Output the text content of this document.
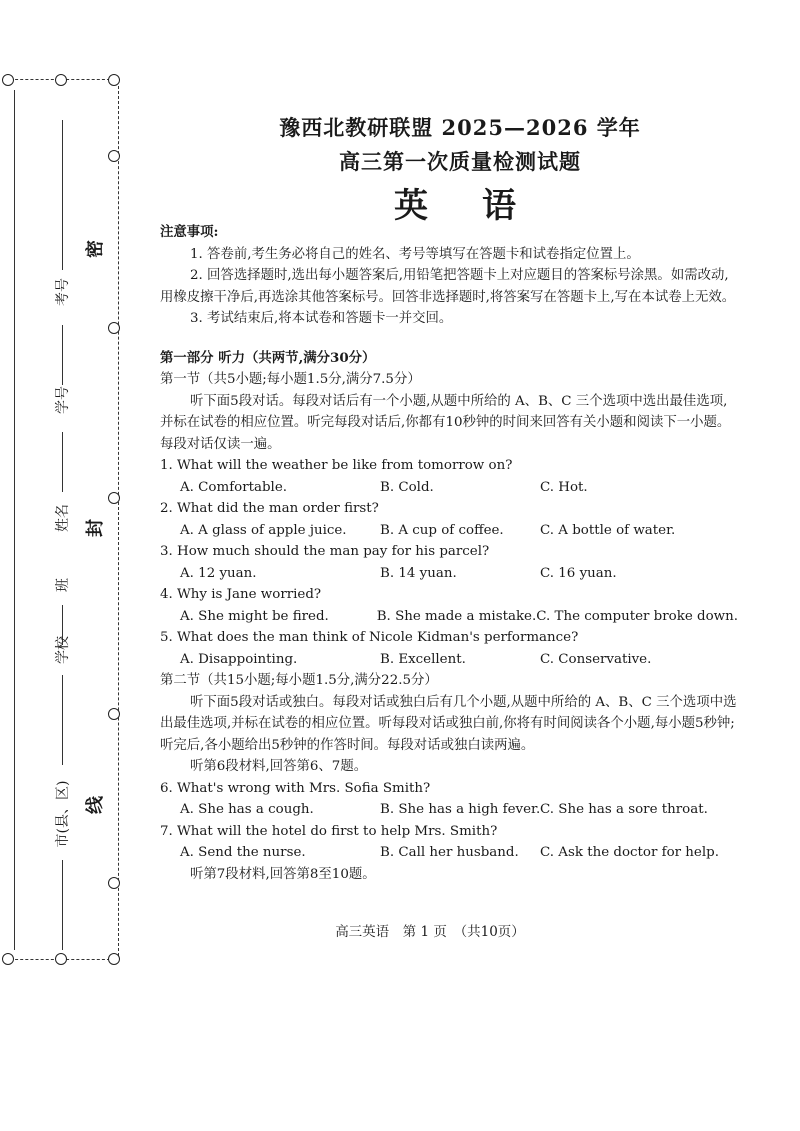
密
封
线
考号
学号
姓名
班
学校
市(县、区)
豫西北教研联盟 2025—2026 学年
高三第一次质量检测试题
英　语

注意事项:

1. 答卷前,考生务必将自己的姓名、考号等填写在答题卡和试卷指定位置上。

2. 回答选择题时,选出每小题答案后,用铅笔把答题卡上对应题目的答案标号涂黑。如需改动,用橡皮擦干净后,再选涂其他答案标号。回答非选择题时,将答案写在答题卡上,写在本试卷上无效。

3. 考试结束后,将本试卷和答题卡一并交回。

第一部分 听力（共两节,满分30分）

第一节（共5小题;每小题1.5分,满分7.5分）

听下面5段对话。每段对话后有一个小题,从题中所给的 A、B、C 三个选项中选出最佳选项,并标在试卷的相应位置。听完每段对话后,你都有10秒钟的时间来回答有关小题和阅读下一小题。每段对话仅读一遍。

1. What will the weather be like from tomorrow on?

A. Comfortable.	B. Cold.	C. Hot.

2. What did the man order first?

A. A glass of apple juice.	B. A cup of coffee.	C. A bottle of water.

3. How much should the man pay for his parcel?

A. 12 yuan.	B. 14 yuan.	C. 16 yuan.

4. Why is Jane worried?

A. She might be fired.	B. She made a mistake. C. The computer broke down.

5. What does the man think of Nicole Kidman's performance?

A. Disappointing.	B. Excellent.	C. Conservative.

第二节（共15小题;每小题1.5分,满分22.5分）

听下面5段对话或独白。每段对话或独白后有几个小题,从题中所给的 A、B、C 三个选项中选出最佳选项,并标在试卷的相应位置。听每段对话或独白前,你将有时间阅读各个小题,每小题5秒钟;听完后,各小题给出5秒钟的作答时间。每段对话或独白读两遍。

听第6段材料,回答第6、7题。

6. What's wrong with Mrs. Sofia Smith?

A. She has a cough.	B. She has a high fever. C. She has a sore throat.

7. What will the hotel do first to help Mrs. Smith?

A. Send the nurse.	B. Call her husband.	C. Ask the doctor for help.

听第7段材料,回答第8至10题。

高三英语　第 1 页　（共10页）
